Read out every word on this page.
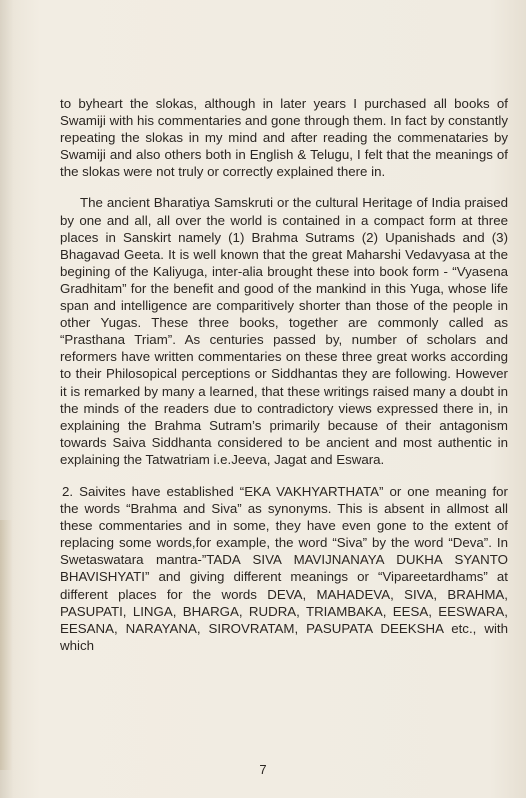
to byheart the slokas, although in later years I purchased all books of Swamiji with his commentaries and gone through them. In fact by constantly repeating the slokas in my mind and after reading the commenataries by Swamiji and also others both in English & Telugu, I felt that the meanings of the slokas were not truly or correctly explained there in.

The ancient Bharatiya Samskruti or the cultural Heritage of India praised by one and all, all over the world is contained in a compact form at three places in Sanskirt namely (1) Brahma Sutrams (2) Upanishads and (3) Bhagavad Geeta. It is well known that the great Maharshi Vedavyasa at the begining of the Kaliyuga, inter-alia brought these into book form - “Vyasena Gradhitam” for the benefit and good of the mankind in this Yuga, whose life span and intelligence are comparitively shorter than those of the people in other Yugas. These three books, together are commonly called as “Prasthana Triam”. As centuries passed by, number of scholars and reformers have written commentaries on these three great works according to their Philosopical perceptions or Siddhantas they are following. However it is remarked by many a learned, that these writings raised many a doubt in the minds of the readers due to contradictory views expressed there in, in explaining the Brahma Sutram’s primarily because of their antagonism towards Saiva Siddhanta considered to be ancient and most authentic in explaining the Tatwatriam i.e.Jeeva, Jagat and Eswara.

2. Saivites have established “EKA VAKHYARTHATA” or one meaning for the words “Brahma and Siva” as synonyms. This is absent in allmost all these commentaries and in some, they have even gone to the extent of replacing some words,for example, the word “Siva” by the word “Deva”. In Swetaswatara mantra-”TADA SIVA MAVIJNANAYA DUKHA SYANTO BHAVISHYATI” and giving different meanings or “Vipareetardhams” at different places for the words DEVA, MAHADEVA, SIVA, BRAHMA, PASUPATI, LINGA, BHARGA, RUDRA, TRIAMBAKA, EESA, EESWARA, EESANA, NARAYANA, SIROVRATAM, PASUPATA DEEKSHA etc., with which

7
